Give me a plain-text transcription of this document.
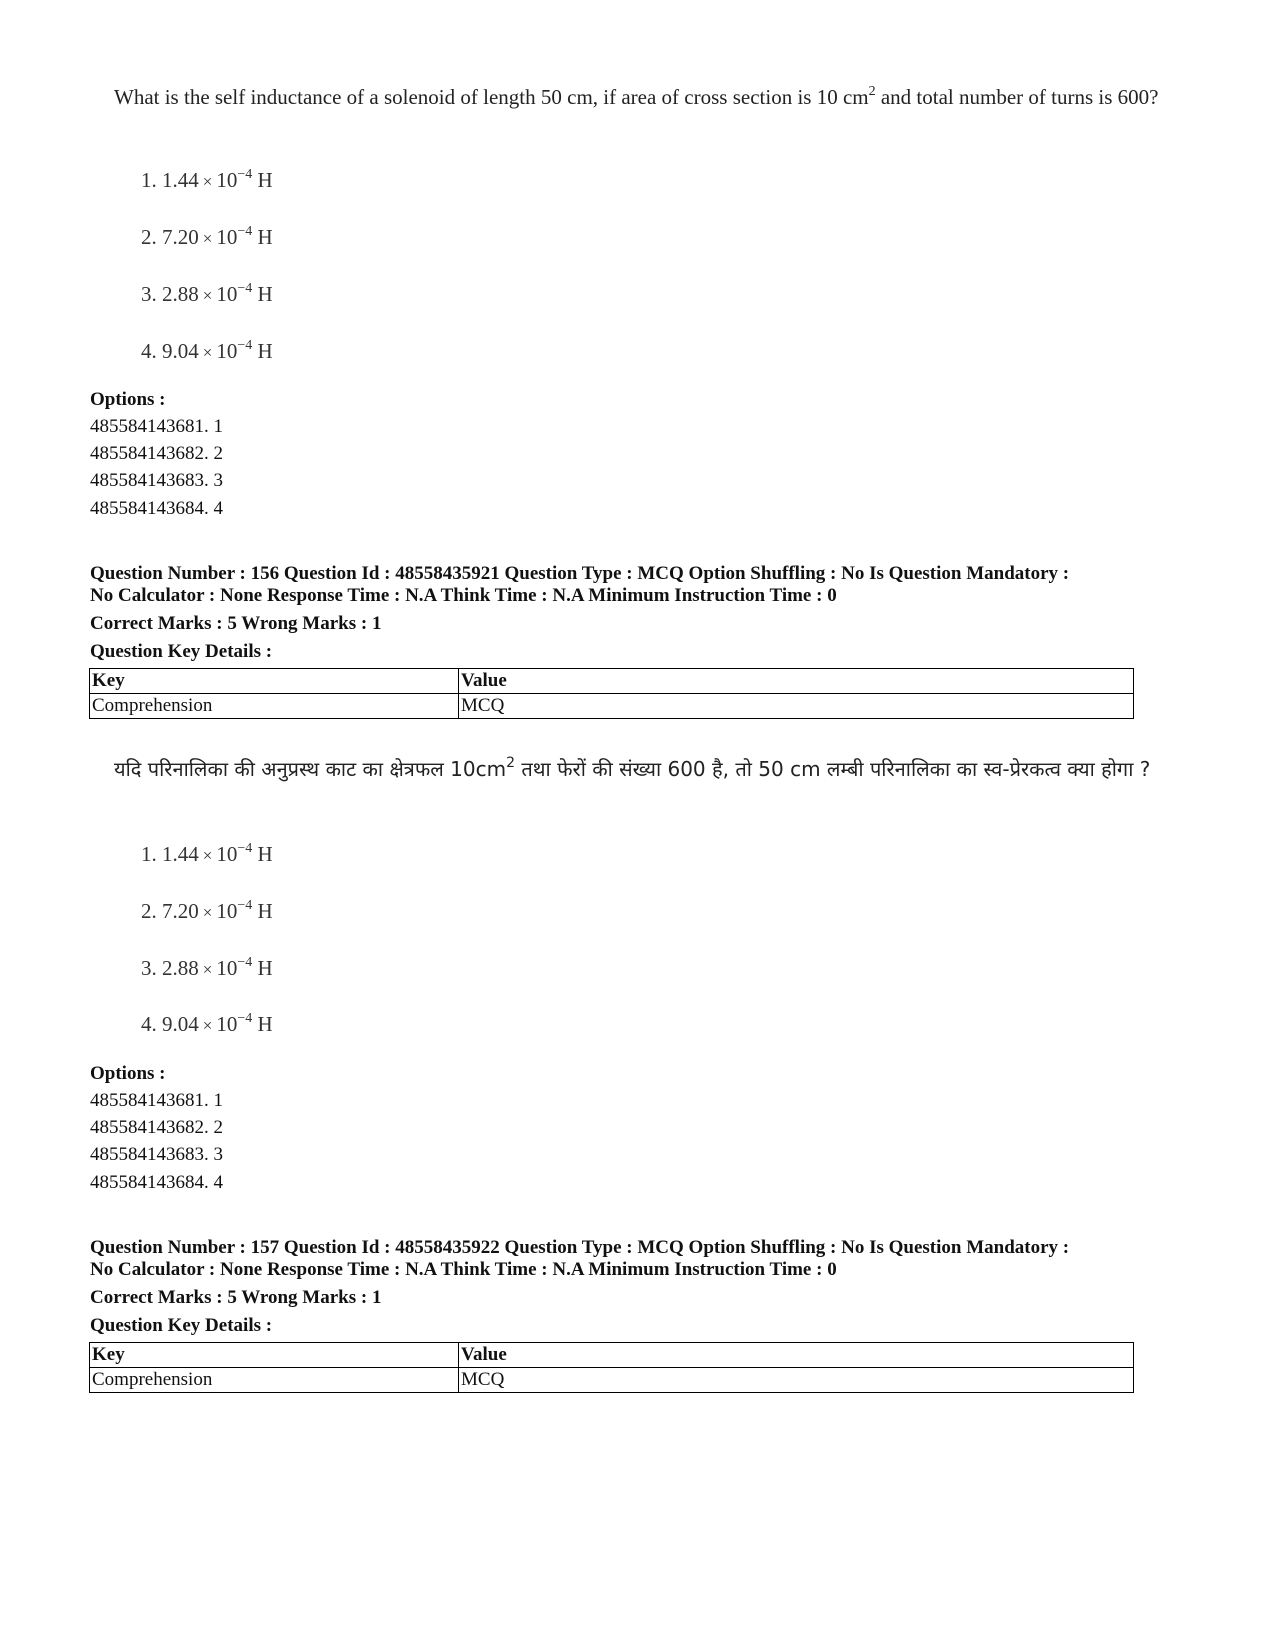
What is the self inductance of a solenoid of length 50 cm, if area of cross section is 10 $cm^2$ and total number of turns is 600?
1. $1.44 \times 10^{-4}$ H
2. $7.20 \times 10^{-4}$ H
3. $2.88 \times 10^{-4}$ H
4. $9.04 \times 10^{-4}$ H
Options :
485584143681. 1
485584143682. 2
485584143683. 3
485584143684. 4
Question Number : 156 Question Id : 48558435921 Question Type : MCQ Option Shuffling : No Is Question Mandatory :
No Calculator : None Response Time : N.A Think Time : N.A Minimum Instruction Time : 0
Correct Marks : 5 Wrong Marks : 1
Question Key Details :
Key	Value
Comprehension	MCQ
यदि परिनालिका की अनुप्रस्थ काट का क्षेत्रफल $10cm^2$ तथा फेरों की संख्या 600 है, तो 50 cm लम्बी परिनालिका का स्व-प्रेरकत्व क्या होगा ?
1. $1.44 \times 10^{-4}$ H
2. $7.20 \times 10^{-4}$ H
3. $2.88 \times 10^{-4}$ H
4. $9.04 \times 10^{-4}$ H
Options :
485584143681. 1
485584143682. 2
485584143683. 3
485584143684. 4
Question Number : 157 Question Id : 48558435922 Question Type : MCQ Option Shuffling : No Is Question Mandatory :
No Calculator : None Response Time : N.A Think Time : N.A Minimum Instruction Time : 0
Correct Marks : 5 Wrong Marks : 1
Question Key Details :
Key	Value
Comprehension	MCQ
